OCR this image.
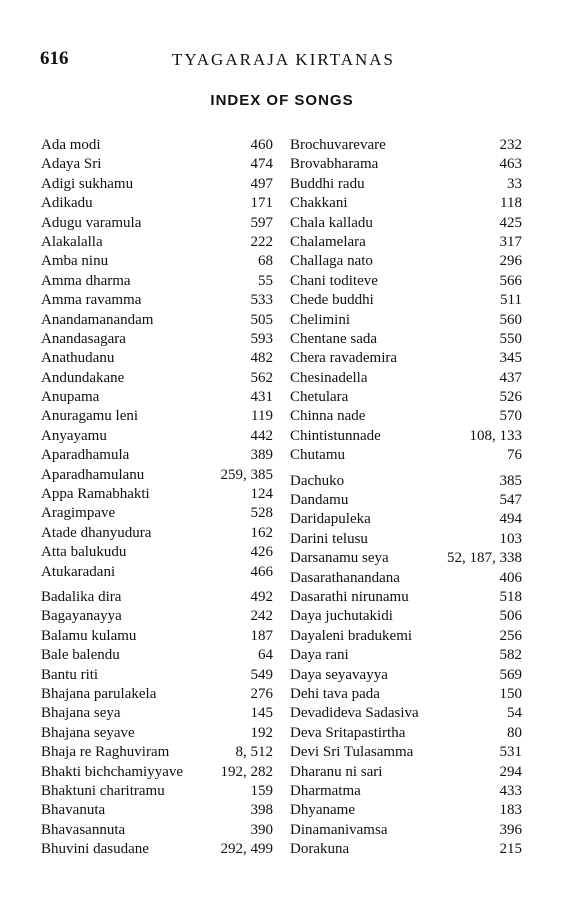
616	TYAGARAJA KIRTANAS
INDEX OF SONGS
Ada modi	460
Adaya Sri	474
Adigi sukhamu	497
Adikadu	171
Adugu varamula	597
Alakalalla	222
Amba ninu	68
Amma dharma	55
Amma ravamma	533
Anandamanandam	505
Anandasagara	593
Anathudanu	482
Andundakane	562
Anupama	431
Anuragamu leni	119
Anyayamu	442
Aparadhamula	389
Aparadhamulanu	259, 385
Appa Ramabhakti	124
Aragimpave	528
Atade dhanyudura	162
Atta balukudu	426
Atukaradani	466
Badalika dira	492
Bagayanayya	242
Balamu kulamu	187
Bale balendu	64
Bantu riti	549
Bhajana parulakela	276
Bhajana seya	145
Bhajana seyave	192
Bhaja re Raghuviram	8, 512
Bhakti bichchamiyyave	192, 282
Bhaktuni charitramu	159
Bhavanuta	398
Bhavasannuta	390
Bhuvini dasudane	292, 499
Brochuvarevare	232
Brovabharama	463
Buddhi radu	33
Chakkani	118
Chala kalladu	425
Chalamelara	317
Challaga nato	296
Chani toditeve	566
Chede buddhi	511
Chelimini	560
Chentane sada	550
Chera ravademira	345
Chesinadella	437
Chetulara	526
Chinna nade	570
Chintistunnade	108, 133
Chutamu	76
Dachuko	385
Dandamu	547
Daridapuleka	494
Darini telusu	103
Darsanamu seya	52, 187, 338
Dasarathanandana	406
Dasarathi nirunamu	518
Daya juchutakidi	506
Dayaleni bradukemi	256
Daya rani	582
Daya seyavayya	569
Dehi tava pada	150
Devadideva Sadasiva	54
Deva Sritapastirtha	80
Devi Sri Tulasamma	531
Dharanu ni sari	294
Dharmatma	433
Dhyaname	183
Dinamanivamsa	396
Dorakuna	215
